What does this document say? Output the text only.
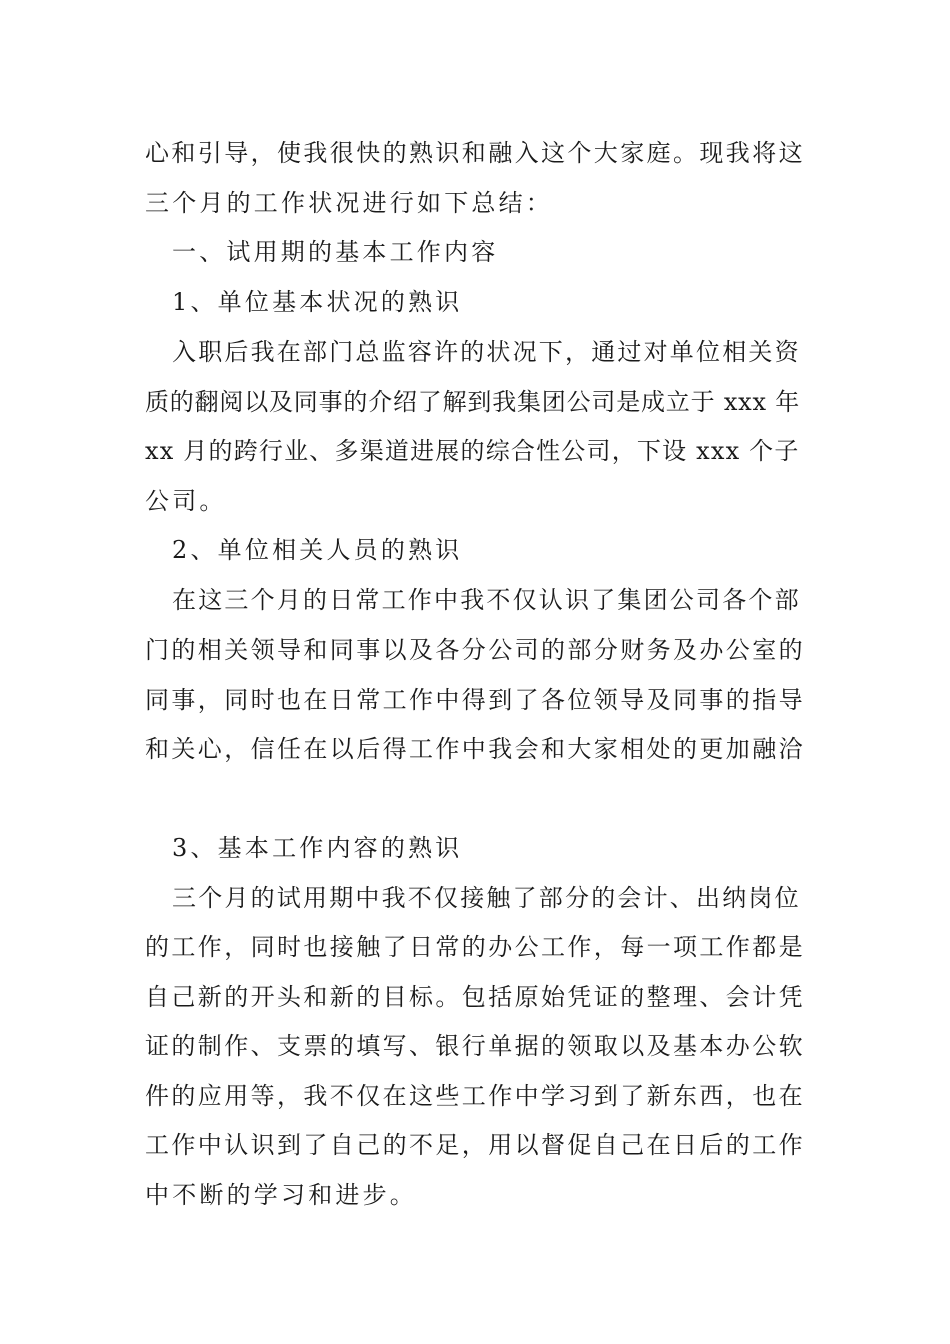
心和引导，使我很快的熟识和融入这个大家庭。现我将这
三个月的工作状况进行如下总结：
一、试用期的基本工作内容
1、单位基本状况的熟识
入职后我在部门总监容许的状况下，通过对单位相关资
质的翻阅以及同事的介绍了解到我集团公司是成立于 xxx 年
xx 月的跨行业、多渠道进展的综合性公司，下设 xxx 个子
公司。
2、单位相关人员的熟识
在这三个月的日常工作中我不仅认识了集团公司各个部
门的相关领导和同事以及各分公司的部分财务及办公室的
同事，同时也在日常工作中得到了各位领导及同事的指导
和关心，信任在以后得工作中我会和大家相处的更加融洽
3、基本工作内容的熟识
三个月的试用期中我不仅接触了部分的会计、出纳岗位
的工作，同时也接触了日常的办公工作，每一项工作都是
自己新的开头和新的目标。包括原始凭证的整理、会计凭
证的制作、支票的填写、银行单据的领取以及基本办公软
件的应用等，我不仅在这些工作中学习到了新东西，也在
工作中认识到了自己的不足，用以督促自己在日后的工作
中不断的学习和进步。
